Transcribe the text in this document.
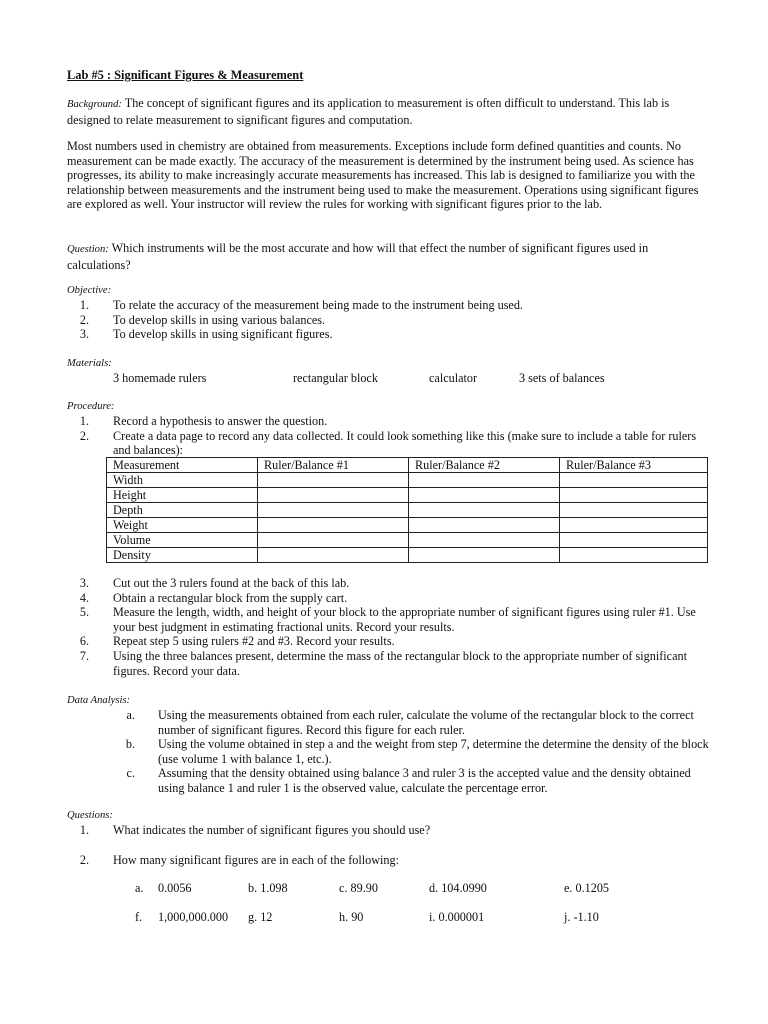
Lab #5 : Significant Figures & Measurement
Background: The concept of significant figures and its application to measurement is often difficult to understand. This lab is designed to relate measurement to significant figures and computation.
Most numbers used in chemistry are obtained from measurements. Exceptions include form defined quantities and counts. No measurement can be made exactly. The accuracy of the measurement is determined by the instrument being used. As science has progresses, its ability to make increasingly accurate measurements has increased. This lab is designed to familiarize you with the relationship between measurements and the instrument being used to make the measurement. Operations using significant figures are explored as well. Your instructor will review the rules for working with significant figures prior to the lab.
Question: Which instruments will be the most accurate and how will that effect the number of significant figures used in calculations?
Objective:
1. To relate the accuracy of the measurement being made to the instrument being used.
2. To develop skills in using various balances.
3. To develop skills in using significant figures.
Materials:
3 homemade rulers	rectangular block	calculator	3 sets of balances
Procedure:
1. Record a hypothesis to answer the question.
2. Create a data page to record any data collected. It could look something like this (make sure to include a table for rulers and balances):
Measurement	Ruler/Balance #1	Ruler/Balance #2	Ruler/Balance #3
Width			
Height			
Depth			
Weight			
Volume			
Density			
3. Cut out the 3 rulers found at the back of this lab.
4. Obtain a rectangular block from the supply cart.
5. Measure the length, width, and height of your block to the appropriate number of significant figures using ruler #1. Use your best judgment in estimating fractional units. Record your results.
6. Repeat step 5 using rulers #2 and #3. Record your results.
7. Using the three balances present, determine the mass of the rectangular block to the appropriate number of significant figures. Record your data.
Data Analysis:
a. Using the measurements obtained from each ruler, calculate the volume of the rectangular block to the correct number of significant figures. Record this figure for each ruler.
b. Using the volume obtained in step a and the weight from step 7, determine the determine the density of the block (use volume 1 with balance 1, etc.).
c. Assuming that the density obtained using balance 3 and ruler 3 is the accepted value and the density obtained using balance 1 and ruler 1 is the observed value, calculate the percentage error.
Questions:
1. What indicates the number of significant figures you should use?
2. How many significant figures are in each of the following:
a. 0.0056	b. 1.098	c. 89.90	d. 104.0990	e. 0.1205
f. 1,000,000.000 g. 12	h. 90	i. 0.000001	j. -1.10
